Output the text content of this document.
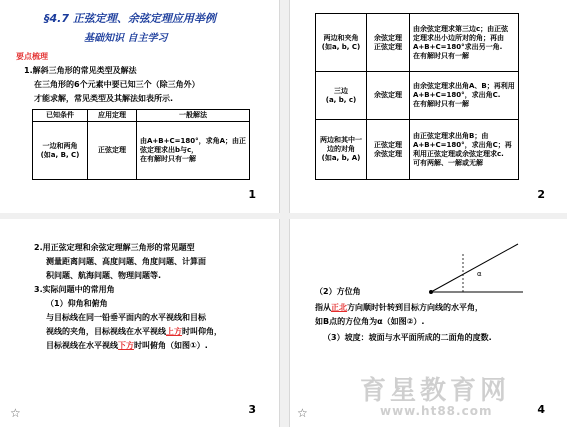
§4.7 正弦定理、余弦定理应用举例
基础知识 自主学习
要点梳理
1.解斜三角形的常见类型及解法
在三角形的6个元素中要已知三个（除三角外）
才能求解，常见类型及其解法如表所示.
已知条件	应用定理	一般解法
一边和两角
(如a, B, C)	正弦定理	由A+B+C=180°，求角A；由正弦定理求出b与c，
在有解时只有一解
1
两边和夹角
(如a, b, C)	余弦定理
正弦定理	由余弦定理求第三边c；由正弦定理求出小边所对的角；再由A+B+C=180°求出另一角.
在有解时只有一解
三边
(a, b, c)	余弦定理	由余弦定理求出角A、B；再利用A+B+C=180°，求出角C.
在有解时只有一解
两边和其中一边的对角
(如a, b, A)	正弦定理
余弦定理	由正弦定理求出角B；由A+B+C=180°，求出角C；再利用正弦定理或余弦定理求c.
可有两解、一解或无解
2
2.用正弦定理和余弦定理解三角形的常见题型
测量距离问题、高度问题、角度问题、计算面
积问题、航海问题、物理问题等.
3.实际问题中的常用角
（1）仰角和俯角
与目标线在同一铅垂平面内的水平视线和目标
视线的夹角，目标视线在水平视线上方时叫仰角，
目标视线在水平视线下方时叫俯角（如图①）.
☆	3
α
（2）方位角
指从正北方向顺时针转到目标方向线的水平角，
如B点的方位角为α（如图②）.
（3）坡度：坡面与水平面所成的二面角的度数.
☆	4
育星教育网
www.ht88.com
